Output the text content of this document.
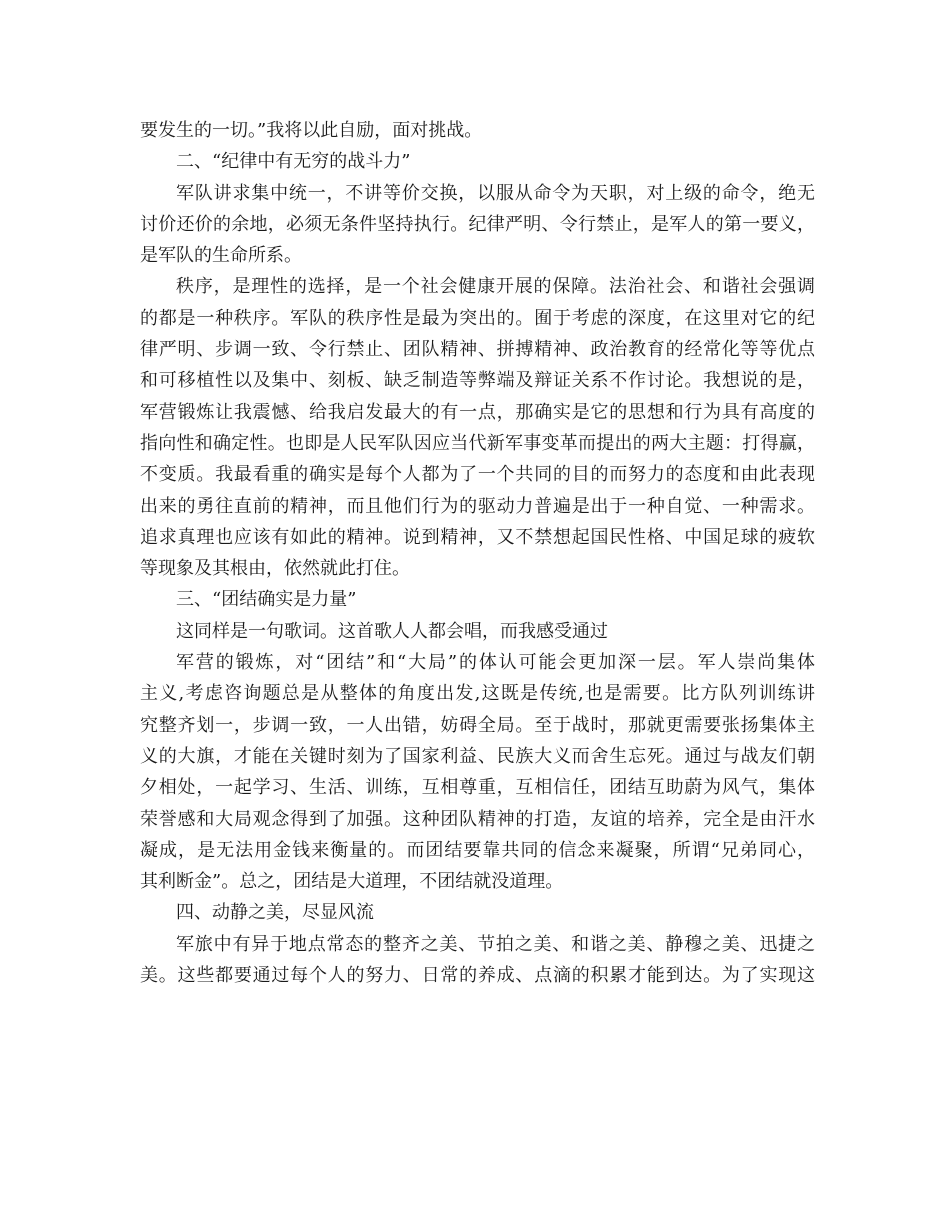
要发生的一切。”我将以此自励，面对挑战。
二、“纪律中有无穷的战斗力”
军队讲求集中统一，不讲等价交换，以服从命令为天职，对上级的命令，绝无
讨价还价的余地，必须无条件坚持执行。纪律严明、令行禁止，是军人的第一要义，
是军队的生命所系。
秩序，是理性的选择，是一个社会健康开展的保障。法治社会、和谐社会强调
的都是一种秩序。军队的秩序性是最为突出的。囿于考虑的深度，在这里对它的纪
律严明、步调一致、令行禁止、团队精神、拼搏精神、政治教育的经常化等等优点
和可移植性以及集中、刻板、缺乏制造等弊端及辩证关系不作讨论。我想说的是，
军营锻炼让我震憾、给我启发最大的有一点，那确实是它的思想和行为具有高度的
指向性和确定性。也即是人民军队因应当代新军事变革而提出的两大主题：打得赢，
不变质。我最看重的确实是每个人都为了一个共同的目的而努力的态度和由此表现
出来的勇往直前的精神，而且他们行为的驱动力普遍是出于一种自觉、一种需求。
追求真理也应该有如此的精神。说到精神，又不禁想起国民性格、中国足球的疲软
等现象及其根由，依然就此打住。
三、“团结确实是力量”
这同样是一句歌词。这首歌人人都会唱，而我感受通过
军营的锻炼，对“团结”和“大局”的体认可能会更加深一层。军人崇尚集体
主义,考虑咨询题总是从整体的角度出发,这既是传统,也是需要。比方队列训练讲
究整齐划一，步调一致，一人出错，妨碍全局。至于战时，那就更需要张扬集体主
义的大旗，才能在关键时刻为了国家利益、民族大义而舍生忘死。通过与战友们朝
夕相处，一起学习、生活、训练，互相尊重，互相信任，团结互助蔚为风气，集体
荣誉感和大局观念得到了加强。这种团队精神的打造，友谊的培养，完全是由汗水
凝成，是无法用金钱来衡量的。而团结要靠共同的信念来凝聚，所谓“兄弟同心，
其利断金”。总之，团结是大道理，不团结就没道理。
四、动静之美，尽显风流
军旅中有异于地点常态的整齐之美、节拍之美、和谐之美、静穆之美、迅捷之
美。这些都要通过每个人的努力、日常的养成、点滴的积累才能到达。为了实现这
